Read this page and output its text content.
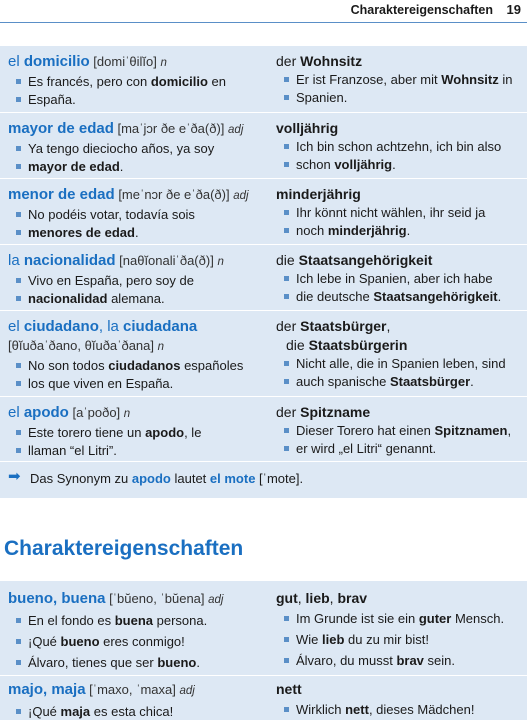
Charaktereigenschaften 19
el domicilio [domiˈθilĭo] n
Es francés, pero con domicilio en
España.
der Wohnsitz
Er ist Franzose, aber mit Wohnsitz in
Spanien.
mayor de edad [maˈjɔr ðe eˈða(ð)] adj
Ya tengo dieciocho años, ya soy
mayor de edad.
volljährig
Ich bin schon achtzehn, ich bin also
schon volljährig.
menor de edad [meˈnɔr ðe eˈða(ð)] adj
No podéis votar, todavía sois
menores de edad.
minderjährig
Ihr könnt nicht wählen, ihr seid ja
noch minderjährig.
la nacionalidad [naθĭonaliˈða(ð)] n
Vivo en España, pero soy de
nacionalidad alemana.
die Staatsangehörigkeit
Ich lebe in Spanien, aber ich habe
die deutsche Staatsangehörigkeit.
el ciudadano, la ciudadana
[θĭuðaˈðano, θĭuðaˈðana] n
No son todos ciudadanos españoles
los que viven en España.
der Staatsbürger,
die Staatsbürgerin
Nicht alle, die in Spanien leben, sind
auch spanische Staatsbürger.
el apodo [aˈpoðo] n
Este torero tiene un apodo, le
llaman “el Litri”.
der Spitzname
Dieser Torero hat einen Spitznamen,
er wird „el Litri“ genannt.
➡ Das Synonym zu apodo lautet el mote [ˈmote].
Charaktereigenschaften
bueno, buena [ˈbŭeno, ˈbŭena] adj
En el fondo es buena persona.
¡Qué bueno eres conmigo!
Álvaro, tienes que ser bueno.
gut, lieb, brav
Im Grunde ist sie ein guter Mensch.
Wie lieb du zu mir bist!
Álvaro, du musst brav sein.
majo, maja [ˈmaxo, ˈmaxa] adj
¡Qué maja es esta chica!
nett
Wirklich nett, dieses Mädchen!
